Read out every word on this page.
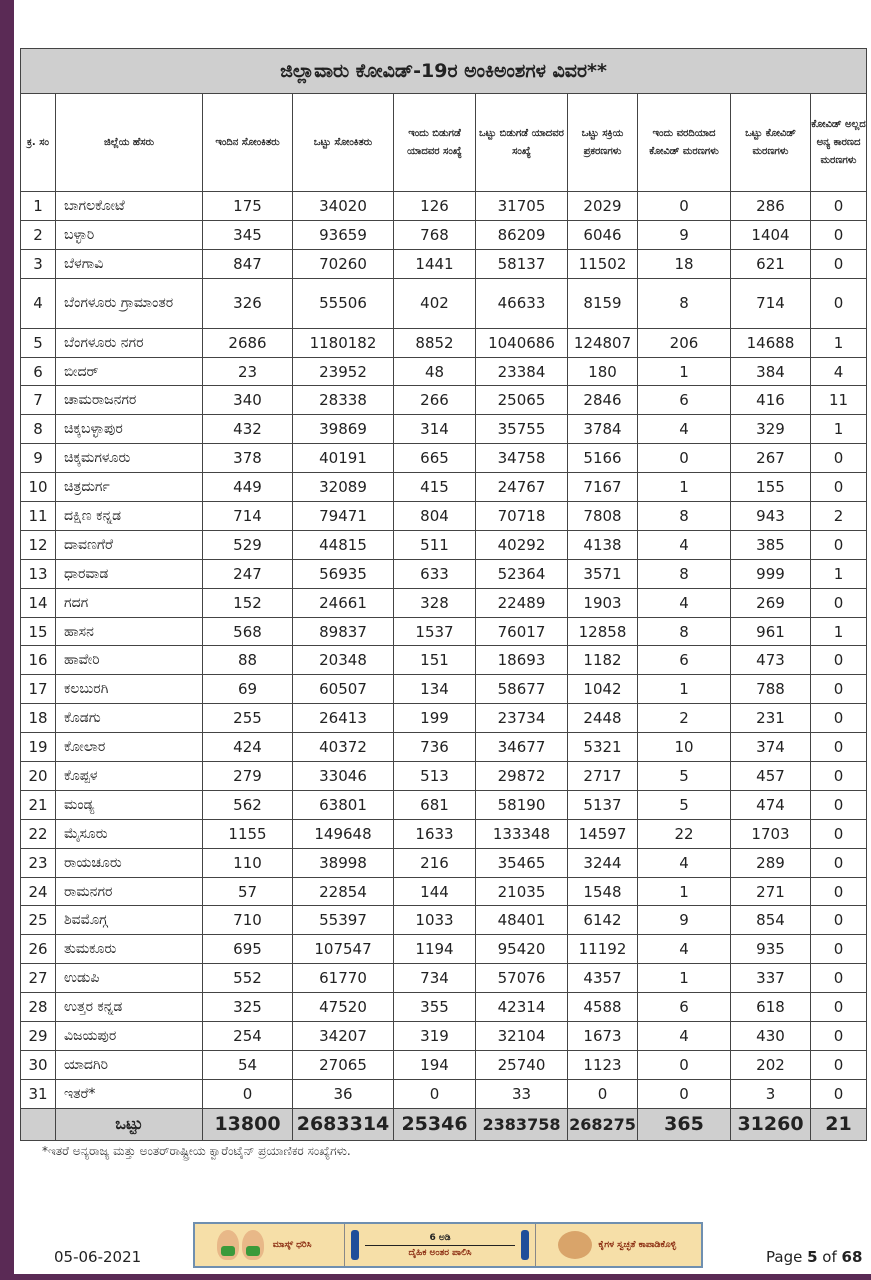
ಜಿಲ್ಲಾವಾರು ಕೋವಿಡ್-19ರ ಅಂಕಿಅಂಶಗಳ ವಿವರ**									
ಕ್ರ. ಸಂ	ಜಿಲ್ಲೆಯ ಹೆಸರು	ಇಂದಿನ ಸೋಂಕಿತರು	ಒಟ್ಟು ಸೋಂಕಿತರು	ಇಂದು ಬಿಡುಗಡೆ ಯಾದವರ ಸಂಖ್ಯೆ	ಒಟ್ಟು ಬಿಡುಗಡೆ ಯಾದವರ ಸಂಖ್ಯೆ	ಒಟ್ಟು ಸಕ್ರಿಯ ಪ್ರಕರಣಗಳು	ಇಂದು ವರದಿಯಾದ ಕೋವಿಡ್ ಮರಣಗಳು	ಒಟ್ಟು ಕೋವಿಡ್ ಮರಣಗಳು	ಕೋವಿಡ್ ಅಲ್ಲದ ಅನ್ಯ ಕಾರಣದ ಮರಣಗಳು
1	ಬಾಗಲಕೋಟೆ	175	34020	126	31705	2029	0	286	0
2	ಬಳ್ಳಾರಿ	345	93659	768	86209	6046	9	1404	0
3	ಬೆಳಗಾವಿ	847	70260	1441	58137	11502	18	621	0
4	ಬೆಂಗಳೂರು ಗ್ರಾಮಾಂತರ	326	55506	402	46633	8159	8	714	0
5	ಬೆಂಗಳೂರು ನಗರ	2686	1180182	8852	1040686	124807	206	14688	1
6	ಬೀದರ್	23	23952	48	23384	180	1	384	4
7	ಚಾಮರಾಜನಗರ	340	28338	266	25065	2846	6	416	11
8	ಚಿಕ್ಕಬಳ್ಳಾಪುರ	432	39869	314	35755	3784	4	329	1
9	ಚಿಕ್ಕಮಗಳೂರು	378	40191	665	34758	5166	0	267	0
10	ಚಿತ್ರದುರ್ಗ	449	32089	415	24767	7167	1	155	0
11	ದಕ್ಷಿಣ ಕನ್ನಡ	714	79471	804	70718	7808	8	943	2
12	ದಾವಣಗೆರೆ	529	44815	511	40292	4138	4	385	0
13	ಧಾರವಾಡ	247	56935	633	52364	3571	8	999	1
14	ಗದಗ	152	24661	328	22489	1903	4	269	0
15	ಹಾಸನ	568	89837	1537	76017	12858	8	961	1
16	ಹಾವೇರಿ	88	20348	151	18693	1182	6	473	0
17	ಕಲಬುರಗಿ	69	60507	134	58677	1042	1	788	0
18	ಕೊಡಗು	255	26413	199	23734	2448	2	231	0
19	ಕೋಲಾರ	424	40372	736	34677	5321	10	374	0
20	ಕೊಪ್ಪಳ	279	33046	513	29872	2717	5	457	0
21	ಮಂಡ್ಯ	562	63801	681	58190	5137	5	474	0
22	ಮೈಸೂರು	1155	149648	1633	133348	14597	22	1703	0
23	ರಾಯಚೂರು	110	38998	216	35465	3244	4	289	0
24	ರಾಮನಗರ	57	22854	144	21035	1548	1	271	0
25	ಶಿವಮೊಗ್ಗ	710	55397	1033	48401	6142	9	854	0
26	ತುಮಕೂರು	695	107547	1194	95420	11192	4	935	0
27	ಉಡುಪಿ	552	61770	734	57076	4357	1	337	0
28	ಉತ್ತರ ಕನ್ನಡ	325	47520	355	42314	4588	6	618	0
29	ವಿಜಯಪುರ	254	34207	319	32104	1673	4	430	0
30	ಯಾದಗಿರಿ	54	27065	194	25740	1123	0	202	0
31	ಇತರೆ*	0	36	0	33	0	0	3	0
	ಒಟ್ಟು	13800	2683314	25346	2383758	268275	365	31260	21
*ಇತರೆ ಅನ್ಯರಾಜ್ಯ ಮತ್ತು ಅಂತರ್‌ರಾಷ್ಟ್ರೀಯ ಕ್ವಾರೆಂಟೈನ್ ಪ್ರಯಾಣಿಕರ ಸಂಖ್ಯೆಗಳು.
05-06-2021
ಮಾಸ್ಕ್ ಧರಿಸಿ
6 ಅಡಿ
ದೈಹಿಕ ಅಂತರ ಪಾಲಿಸಿ
ಕೈಗಳ ಸ್ವಚ್ಛತೆ ಕಾಪಾಡಿಕೊಳ್ಳಿ
Page 5 of 68
